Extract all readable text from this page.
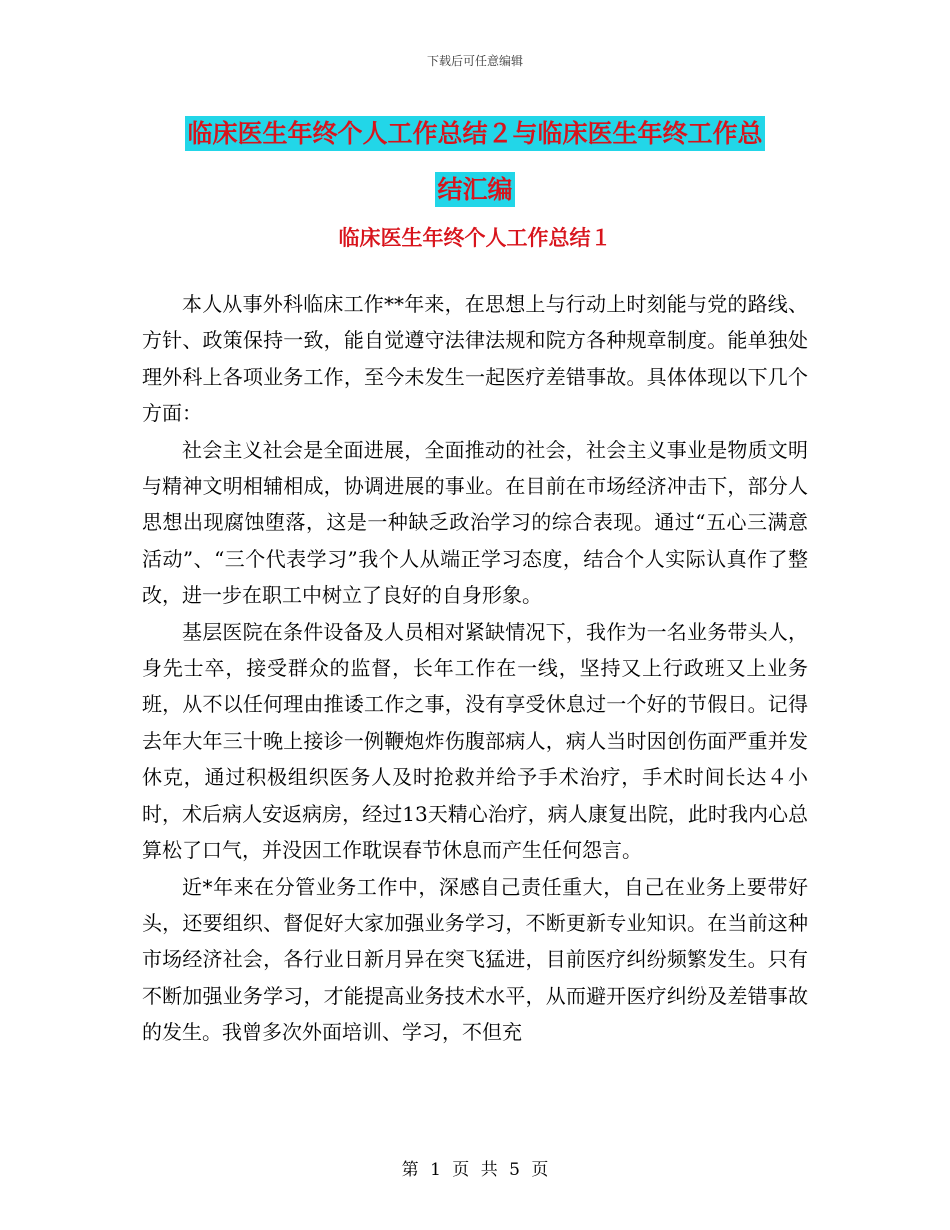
下载后可任意编辑
临床医生年终个人工作总结２与临床医生年终工作总
结汇编
临床医生年终个人工作总结１

本人从事外科临床工作**年来，在思想上与行动上时刻能与党的路线、方针、政策保持一致，能自觉遵守法律法规和院方各种规章制度。能单独处理外科上各项业务工作，至今未发生一起医疗差错事故。具体体现以下几个方面：

社会主义社会是全面进展，全面推动的社会，社会主义事业是物质文明与精神文明相辅相成，协调进展的事业。在目前在市场经济冲击下，部分人思想出现腐蚀堕落，这是一种缺乏政治学习的综合表现。通过“五心三满意活动”、“三个代表学习”我个人从端正学习态度，结合个人实际认真作了整改，进一步在职工中树立了良好的自身形象。

基层医院在条件设备及人员相对紧缺情况下，我作为一名业务带头人，身先士卒，接受群众的监督，长年工作在一线，坚持又上行政班又上业务班，从不以任何理由推诿工作之事，没有享受休息过一个好的节假日。记得去年大年三十晚上接诊一例鞭炮炸伤腹部病人，病人当时因创伤面严重并发休克，通过积极组织医务人及时抢救并给予手术治疗，手术时间长达４小时，术后病人安返病房，经过13天精心治疗，病人康复出院，此时我内心总算松了口气，并没因工作耽误春节休息而产生任何怨言。

近*年来在分管业务工作中，深感自己责任重大，自己在业务上要带好头，还要组织、督促好大家加强业务学习，不断更新专业知识。在当前这种市场经济社会，各行业日新月异在突飞猛进，目前医疗纠纷频繁发生。只有不断加强业务学习，才能提高业务技术水平，从而避开医疗纠纷及差错事故的发生。我曾多次外面培训、学习，不但充

第 1 页 共 5 页
